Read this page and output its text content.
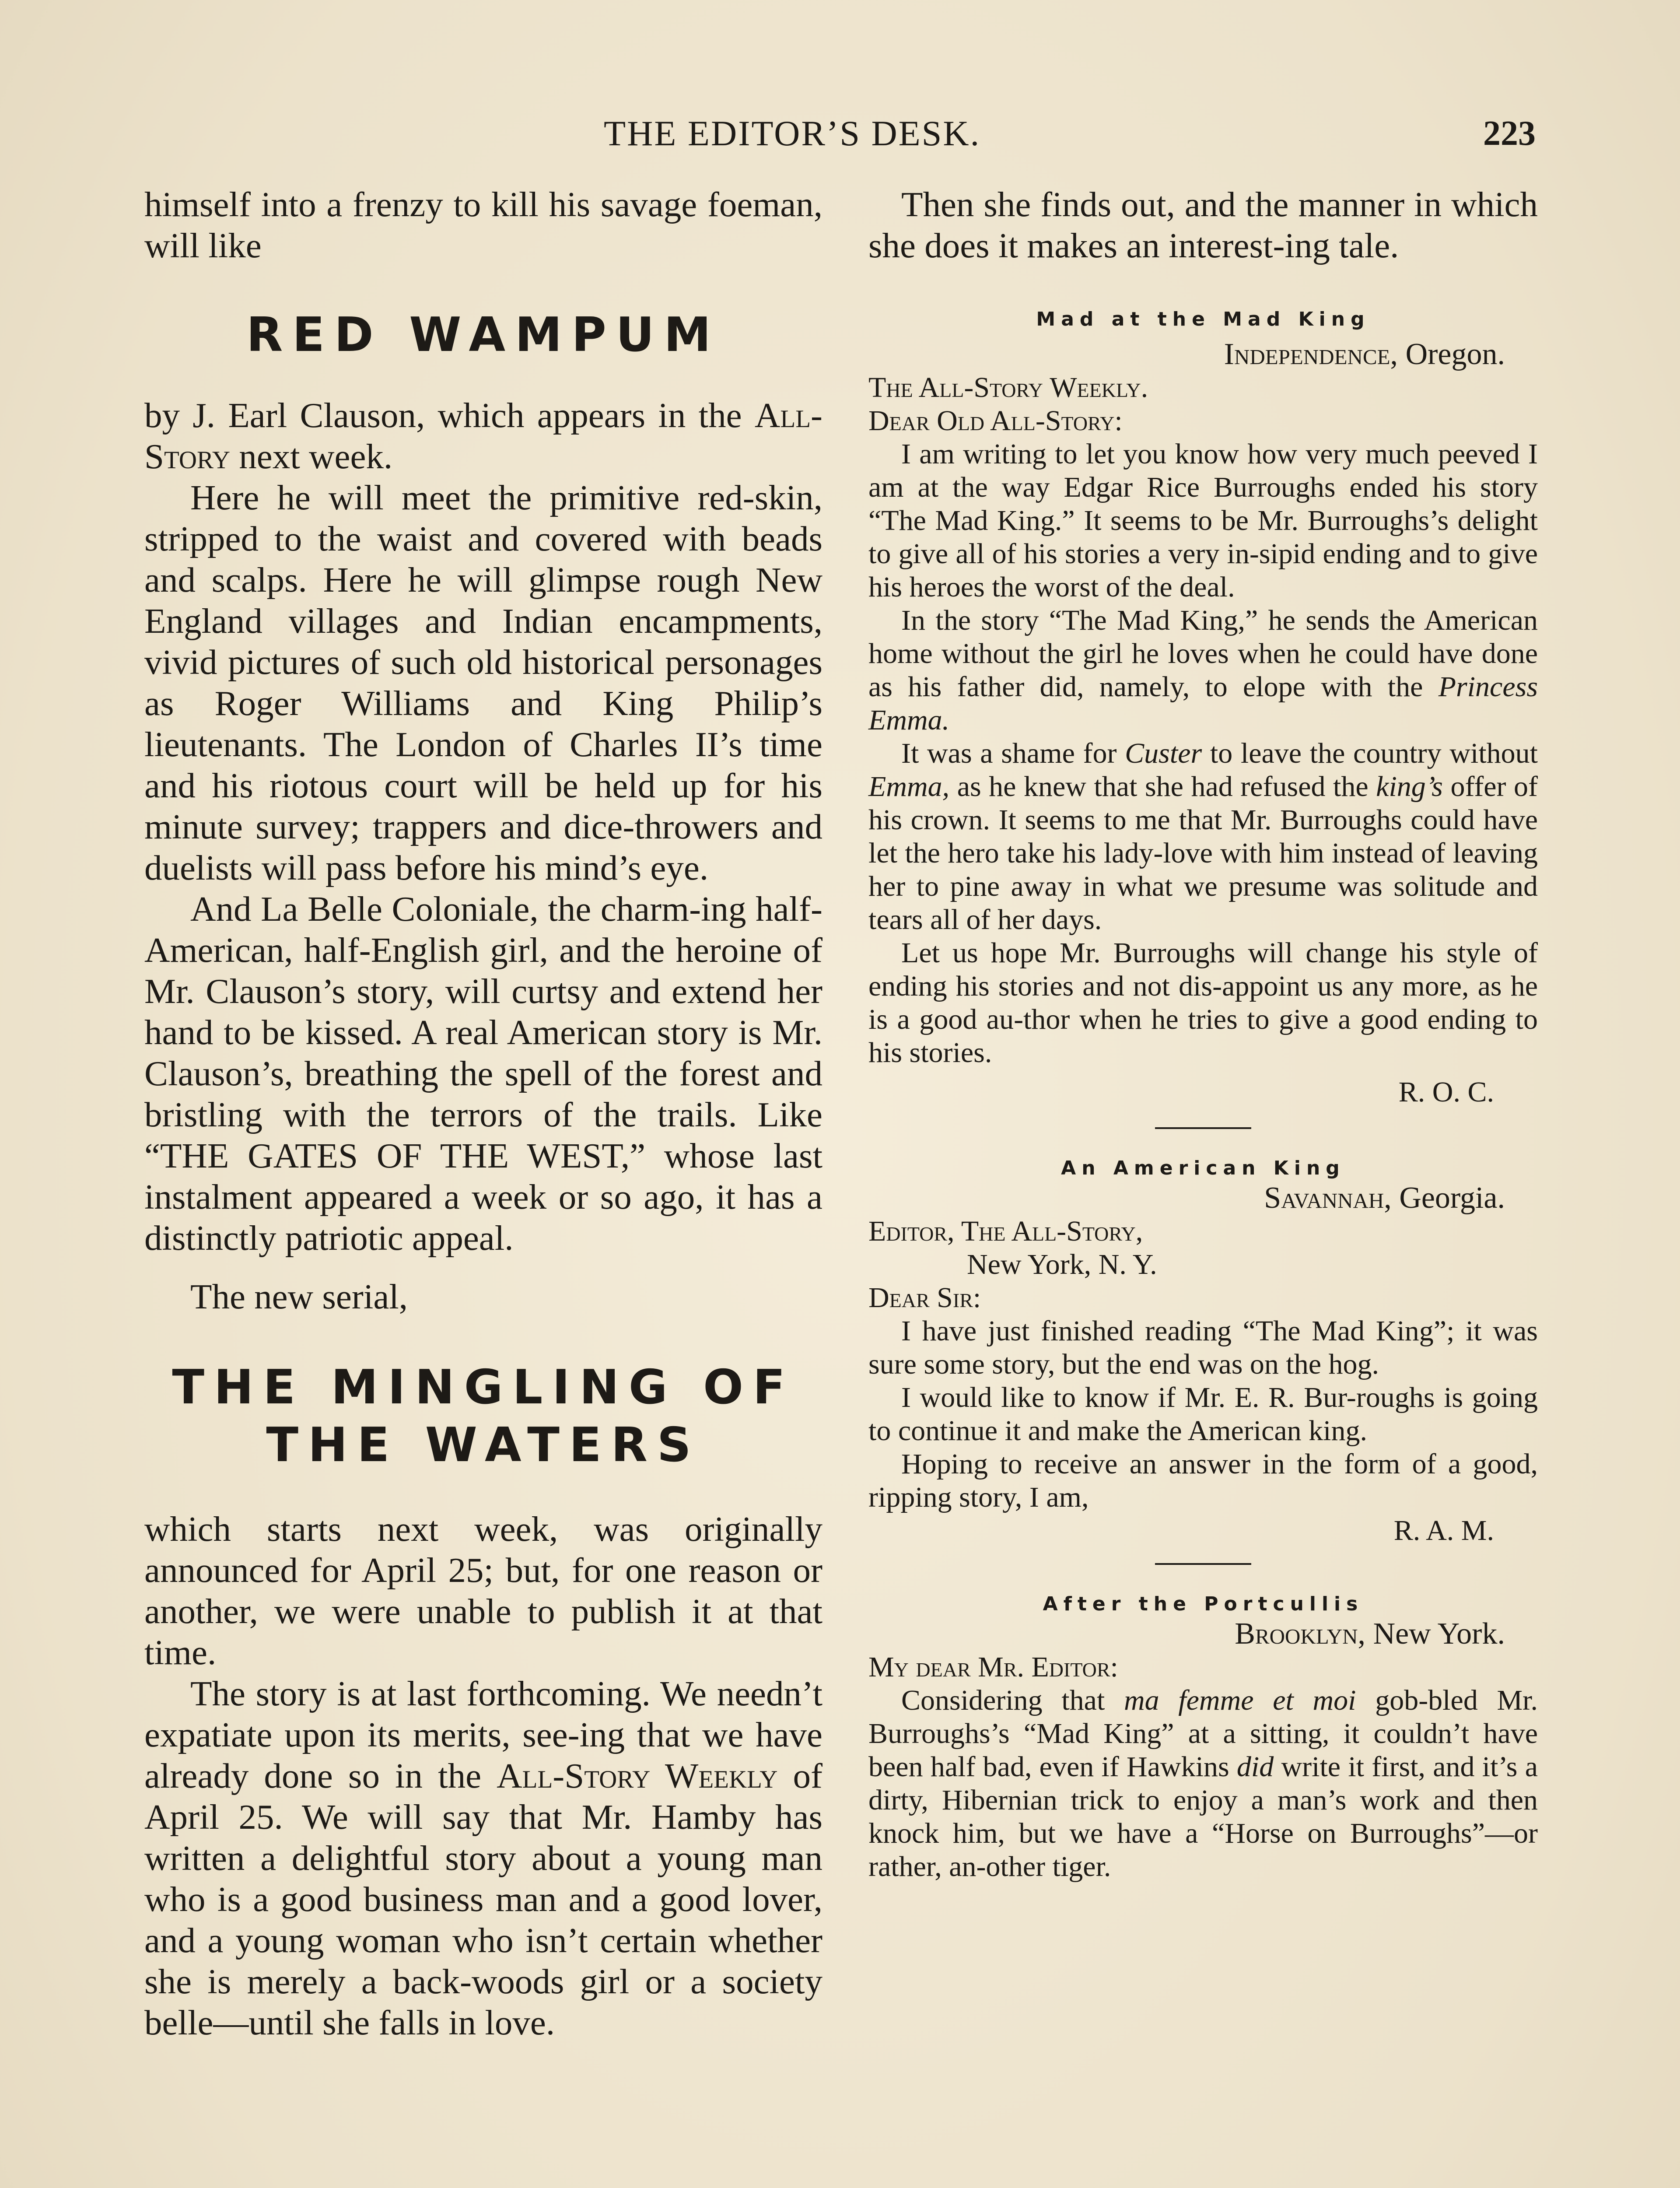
THE EDITOR’S DESK.	223

himself into a frenzy to kill his savage foeman, will like

RED WAMPUM

by J. Earl Clauson, which appears in the All-Story next week.

Here he will meet the primitive red-skin, stripped to the waist and covered with beads and scalps. Here he will glimpse rough New England villages and Indian encampments, vivid pictures of such old historical personages as Roger Williams and King Philip’s lieutenants. The London of Charles II’s time and his riotous court will be held up for his minute survey; trappers and dice-throwers and duelists will pass before his mind’s eye.

And La Belle Coloniale, the charm-ing half-American, half-English girl, and the heroine of Mr. Clauson’s story, will curtsy and extend her hand to be kissed. A real American story is Mr. Clauson’s, breathing the spell of the forest and bristling with the terrors of the trails. Like “THE GATES OF THE WEST,” whose last instalment appeared a week or so ago, it has a distinctly patriotic appeal.

The new serial,

THE MINGLING OF
THE WATERS

which starts next week, was originally announced for April 25; but, for one reason or another, we were unable to publish it at that time.

The story is at last forthcoming. We needn’t expatiate upon its merits, see-ing that we have already done so in the All-Story Weekly of April 25. We will say that Mr. Hamby has written a delightful story about a young man who is a good business man and a good lover, and a young woman who isn’t certain whether she is merely a back-woods girl or a society belle—until she falls in love.

Then she finds out, and the manner in which she does it makes an interest-ing tale.

Mad at the Mad King

Independence, Oregon.

The All-Story Weekly.

Dear Old All-Story:

I am writing to let you know how very much peeved I am at the way Edgar Rice Burroughs ended his story “The Mad King.” It seems to be Mr. Burroughs’s delight to give all of his stories a very in-sipid ending and to give his heroes the worst of the deal.

In the story “The Mad King,” he sends the American home without the girl he loves when he could have done as his father did, namely, to elope with the Princess Emma.

It was a shame for Custer to leave the country without Emma, as he knew that she had refused the king’s offer of his crown. It seems to me that Mr. Burroughs could have let the hero take his lady-love with him instead of leaving her to pine away in what we presume was solitude and tears all of her days.

Let us hope Mr. Burroughs will change his style of ending his stories and not dis-appoint us any more, as he is a good au-thor when he tries to give a good ending to his stories.

R. O. C.

An American King

Savannah, Georgia.

Editor, The All-Story,

New York, N. Y.

Dear Sir:

I have just finished reading “The Mad King”; it was sure some story, but the end was on the hog.

I would like to know if Mr. E. R. Bur-roughs is going to continue it and make the American king.

Hoping to receive an answer in the form of a good, ripping story, I am,

R. A. M.

After the Portcullis

Brooklyn, New York.

My dear Mr. Editor:

Considering that ma femme et moi gob-bled Mr. Burroughs’s “Mad King” at a sitting, it couldn’t have been half bad, even if Hawkins did write it first, and it’s a dirty, Hibernian trick to enjoy a man’s work and then knock him, but we have a “Horse on Burroughs”—or rather, an-other tiger.
